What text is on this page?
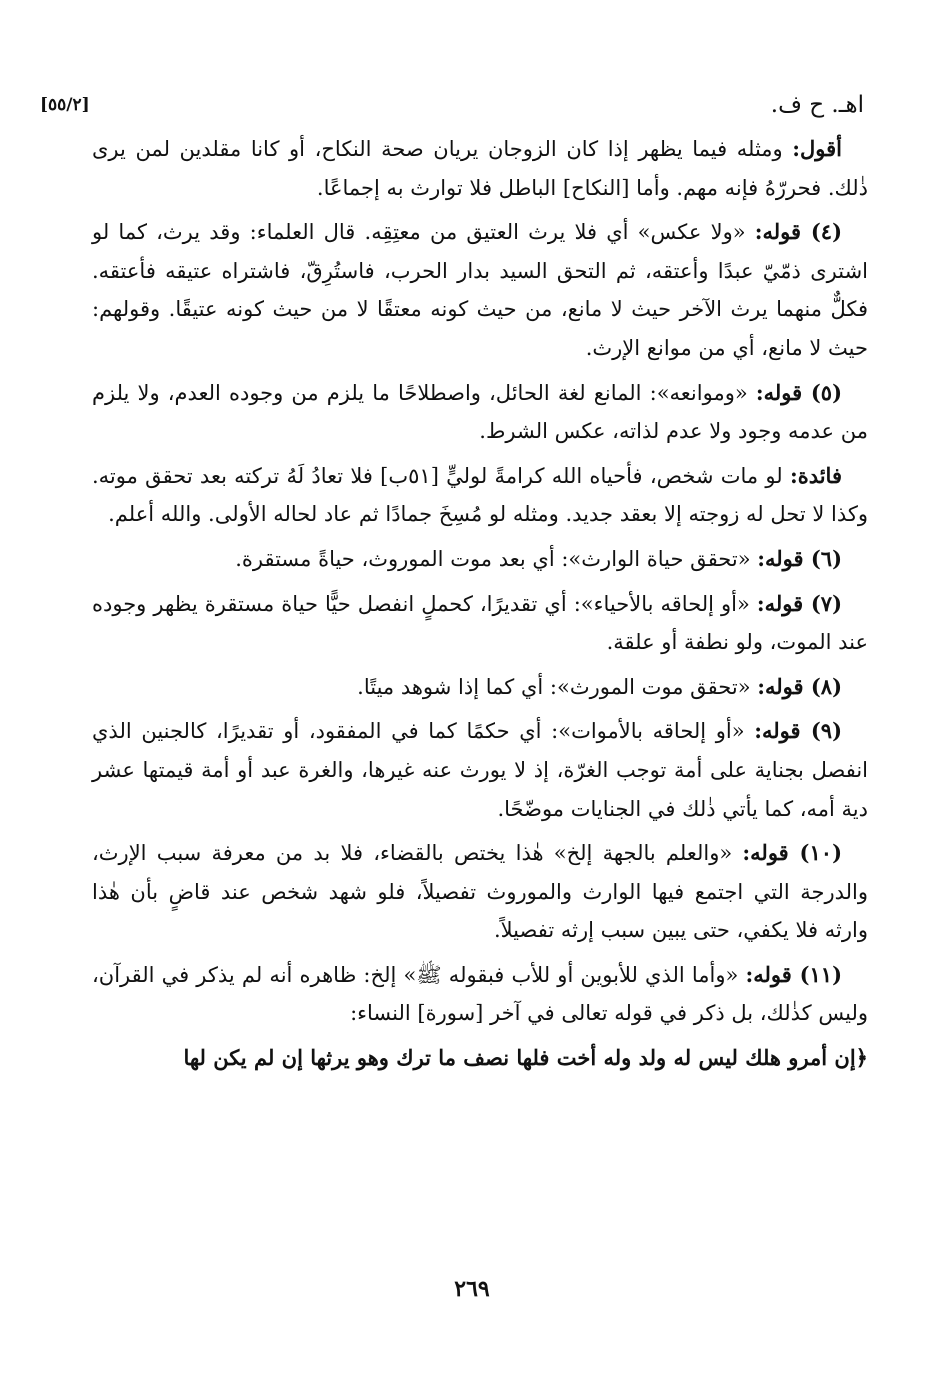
اهـ. ح ف.
[٥٥/٢]

أقول: ومثله فيما يظهر إذا كان الزوجان يريان صحة النكاح، أو كانا مقلدين لمن يرى ذٰلك. فحررّهُ فإنه مهم. وأما [النكاح] الباطل فلا توارث به إجماعًا.

(٤) قوله: «ولا عكس» أي فلا يرث العتيق من معتِقِه. قال العلماء: وقد يرث، كما لو اشترى ذمّيّ عبدًا وأعتقه، ثم التحق السيد بدار الحرب، فاستُرِقّ، فاشتراه عتيقه فأعتقه. فكلٌّ منهما يرث الآخر حيث لا مانع، من حيث كونه معتقًا لا من حيث كونه عتيقًا. وقولهم: حيث لا مانع، أي من موانع الإرث.

(٥) قوله: «وموانعه»: المانع لغة الحائل، واصطلاحًا ما يلزم من وجوده العدم، ولا يلزم من عدمه وجود ولا عدم لذاته، عكس الشرط.

فائدة: لو مات شخص، فأحياه الله كرامةً لوليٍّ [٥١ب] فلا تعادُ لَهُ تركته بعد تحقق موته. وكذا لا تحل له زوجته إلا بعقد جديد. ومثله لو مُسِخَ جمادًا ثم عاد لحاله الأولى. والله أعلم.

(٦) قوله: «تحقق حياة الوارث»: أي بعد موت الموروث، حياةً مستقرة.

(٧) قوله: «أو إلحاقه بالأحياء»: أي تقديرًا، كحملٍ انفصل حيًّا حياة مستقرة يظهر وجوده عند الموت، ولو نطفة أو علقة.

(٨) قوله: «تحقق موت المورث»: أي كما إذا شوهد ميتًا.

(٩) قوله: «أو إلحاقه بالأموات»: أي حكمًا كما في المفقود، أو تقديرًا، كالجنين الذي انفصل بجناية على أمة توجب الغرّة، إذ لا يورث عنه غيرها، والغرة عبد أو أمة قيمتها عشر دية أمه، كما يأتي ذٰلك في الجنايات موضّحًا.

(١٠) قوله: «والعلم بالجهة إلخ» هٰذا يختص بالقضاء، فلا بد من معرفة سبب الإرث، والدرجة التي اجتمع فيها الوارث والموروث تفصيلاً، فلو شهد شخص عند قاضٍ بأن هٰذا وارثه فلا يكفي، حتى يبين سبب إرثه تفصيلاً.

(١١) قوله: «وأما الذي للأبوين أو للأب فبقوله ﷺ» إلخ: ظاهره أنه لم يذكر في القرآن، وليس كذٰلك، بل ذكر في قوله تعالى في آخر [سورة] النساء:

﴿إن أمرو هلك ليس له ولد وله أخت فلها نصف ما ترك وهو يرثها إن لم يكن لها

٢٦٩
